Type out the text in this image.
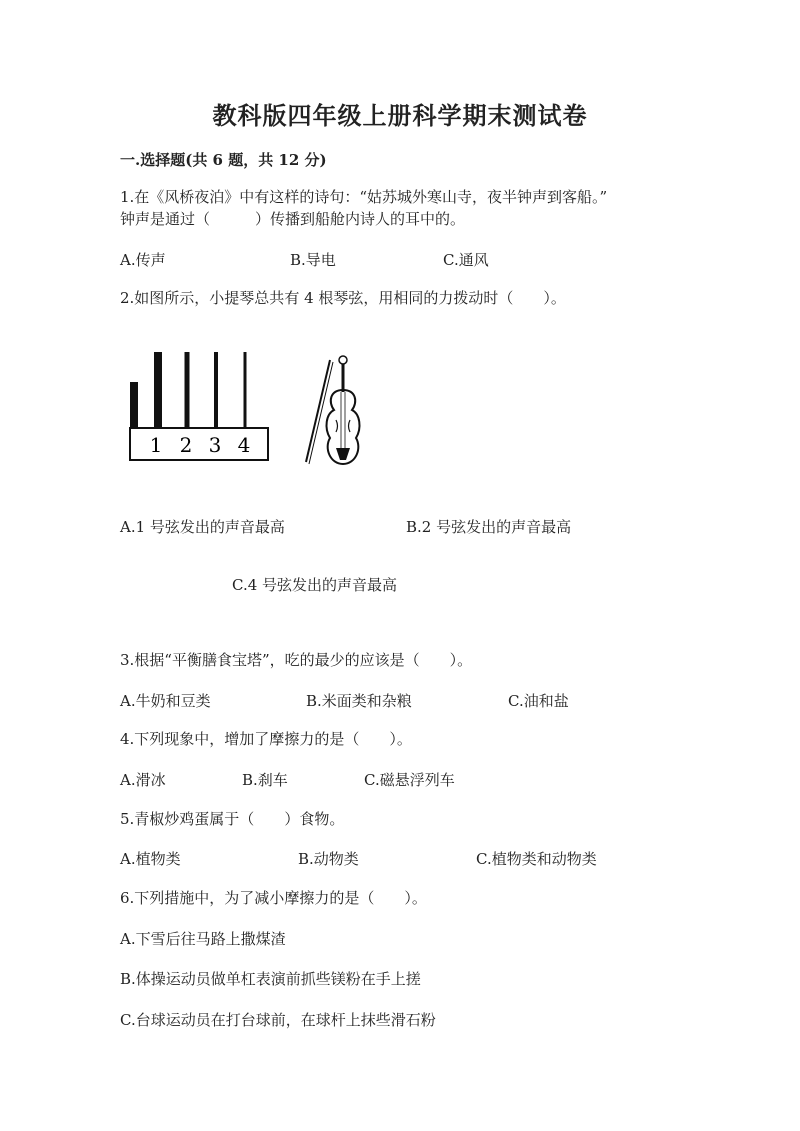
教科版四年级上册科学期末测试卷
一.选择题(共 6 题，共 12 分)
1.在《风桥夜泊》中有这样的诗句：“姑苏城外寒山寺，夜半钟声到客船。”
钟声是通过（　　　）传播到船舱内诗人的耳中的。
A.传声	B.导电	C.通风
2.如图所示，小提琴总共有 4 根琴弦，用相同的力拨动时（　　）。
1 2 3 4
A.1 号弦发出的声音最高	B.2 号弦发出的声音最高
C.4 号弦发出的声音最高
3.根据“平衡膳食宝塔”，吃的最少的应该是（　　）。
A.牛奶和豆类	B.米面类和杂粮	C.油和盐
4.下列现象中，增加了摩擦力的是（　　）。
A.滑冰	B.刹车	C.磁悬浮列车
5.青椒炒鸡蛋属于（　　）食物。
A.植物类	B.动物类	C.植物类和动物类
6.下列措施中，为了减小摩擦力的是（　　）。
A.下雪后往马路上撒煤渣
B.体操运动员做单杠表演前抓些镁粉在手上搓
C.台球运动员在打台球前，在球杆上抹些滑石粉
